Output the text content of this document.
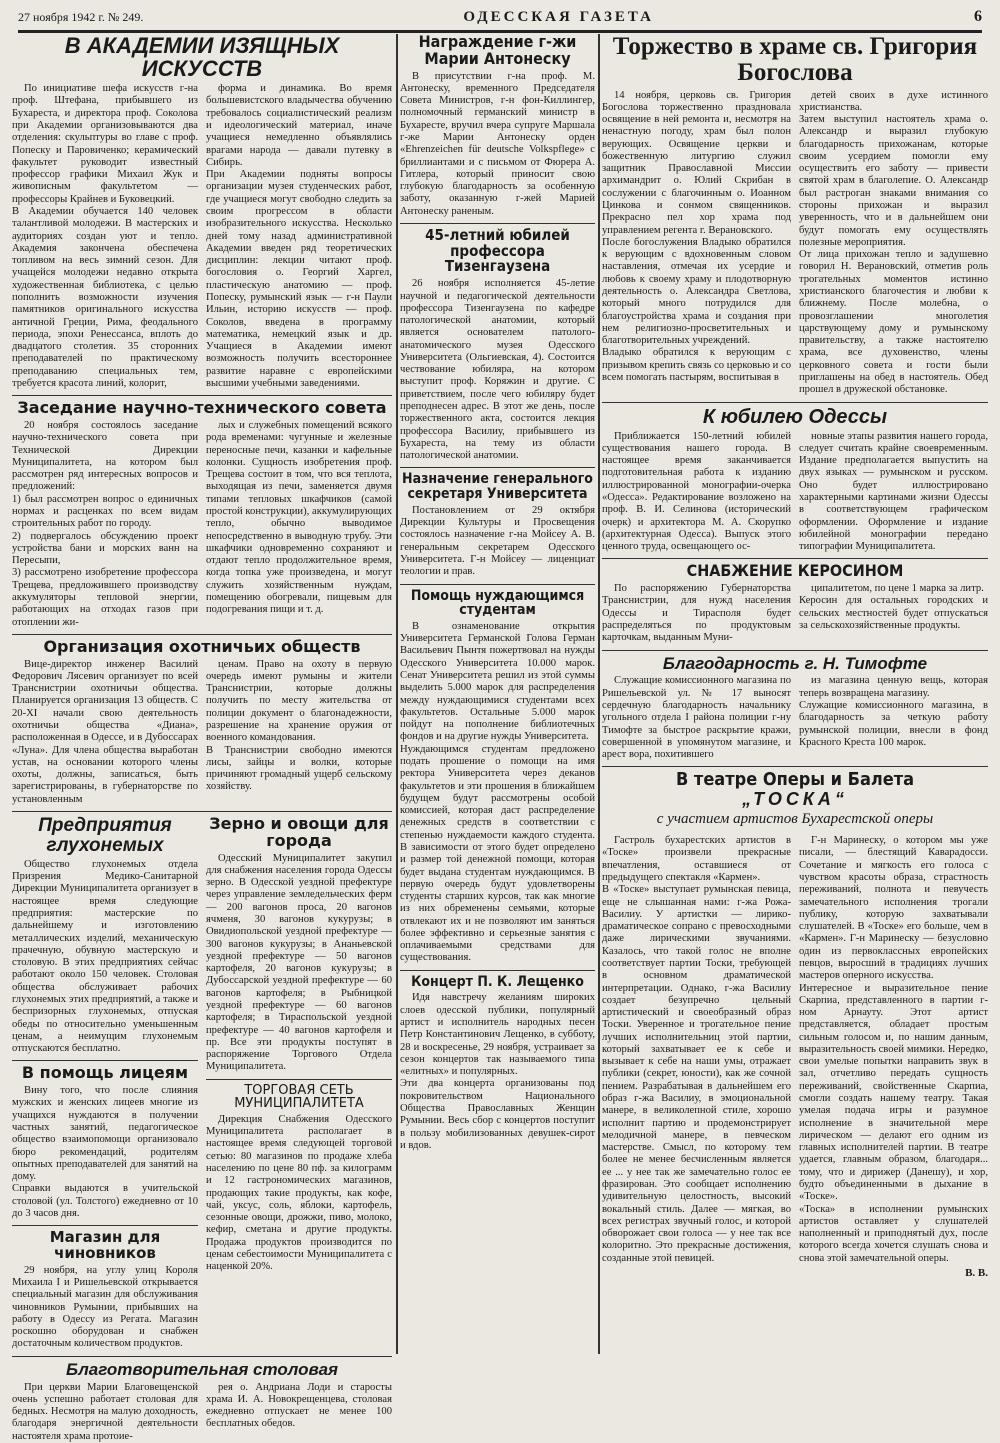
27 ноября 1942 г. № 249.	ОДЕССКАЯ ГАЗЕТА	6
В АКАДЕМИИ ИЗЯЩНЫХ ИСКУССТВ

По инициативе шефа искусств г-на проф. Штефана, прибывшего из Бухареста, и директора проф. Соколова при Академии организовываются два отделения: скульптуры во главе с проф. Попеску и Паровиченко; керамический факультет руководит известный профессор графики Михаил Жук и живописным факультетом — профессоры Крайнев и Буковецкий.
В Академии обучается 140 человек талантливой молодежи. В мастерских и аудиториях создан уют и тепло. Академия закончена обеспечена топливом на весь зимний сезон. Для учащейся молодежи недавно открыта художественная библиотека, с целью пополнить возможности изучения памятников оригинального искусства античной Греции, Рима, феодального периода, эпохи Ренессанса, вплоть до двадцатого столетия. 35 сторонних преподавателей по практическому преподаванию специальных тем, требуется красота линий, колорит,

форма и динамика. Во время большевистского владычества обучению требовалось социалистический реализм и идеологический материал, иначе учащиеся немедленно объявлялись врагами народа — давали путевку в Сибирь.
При Академии подняты вопросы организации музея студенческих работ, где учащиеся могут свободно следить за своим прогрессом в области изобразительного искусства. Несколько дней тому назад административной Академии введен ряд теоретических дисциплин: лекции читают проф. богословия о. Георгий Харгел, пластическую анатомию — проф. Попеску, румынский язык — г-н Паули Ильин, историю искусств — проф. Соколов, введена в программу математика, немецкий язык и др. Учащиеся в Академии имеют возможность получить всестороннее развитие наравне с европейскими высшими учебными заведениями.

Заседание научно-технического совета

20 ноября состоялось заседание научно-технического совета при Технической Дирекции Муниципалитета, на котором был рассмотрен ряд интересных вопросов и предложений:
1) был рассмотрен вопрос о единичных нормах и расценках по всем видам строительных работ по городу.
2) подвергалось обсуждению проект устройства бани и морских ванн на Пересыпи,
3) рассмотрено изобретение профессора Трещева, предложившего производству аккумуляторы тепловой энергии, работающих на отходах газов при отоплении жи-

лых и служебных помещений всякого рода временами: чугунные и железные переносные печи, казанки и кафельные колонки. Сущность изобретения проф. Трещева состоит в том, что вся теплота, выходящая из печи, заменяется двумя типами тепловых шкафчиков (самой простой конструкции), аккумулирующих тепло, обычно выводимое непосредственно в выводную трубу. Эти шкафчики одновременно сохраняют и отдают тепло продолжительное время, когда топка уже произведена, и могут служить хозяйственным нуждам, помещению обогревали, пищевым для подогревания пищи и т. д.

Организация охотничьих обществ

Вице-директор инженер Василий Федорович Лясевич организует по всей Транснистрии охотничьи общества. Планируется организация 13 обществ. С 20-XI начали свою деятельность охотничьи общества «Диана», расположенная в Одессе, и в Дубоссарах «Луна». Для члена общества выработан устав, на основании которого члены охоты, должны, записаться, быть зарегистрированы, в губернаторстве по установленным

ценам. Право на охоту в первую очередь имеют румыны и жители Транснистрии, которые должны получить по месту жительства от полиции документ о благонадежности, разрешение на хранение оружия от военного командования.
В Транснистрии свободно имеются лисы, зайцы и волки, которые причиняют громадный ущерб сельскому хозяйству.

Предприятия глухонемых

Общество глухонемых отдела Призрения Медико-Санитарной Дирекции Муниципалитета организует в настоящее время следующие предприятия: мастерские по дальнейшему и изготовлению металлических изделий, механическую прачечную, обувную мастерскую и столовую. В этих предприятиях сейчас работают около 150 человек. Столовая общества обслуживает рабочих глухонемых этих предприятий, а также и беспризорных глухонемых, отпуская обеды по относительно уменьшенным ценам, а неимущим глухонемым отпускаются бесплатно.

В помощь лицеям

Вину того, что после слияния мужских и женских лицеев многие из учащихся нуждаются в получении частных занятий, педагогическое общество взаимопомощи организовало бюро рекомендаций, родителям опытных преподавателей для занятий на дому.
Справки выдаются в учительской столовой (ул. Толстого) ежедневно от 10 до 3 часов дня.

Магазин для чиновников

29 ноября, на углу улиц Короля Михаила I и Ришельевской открывается специальный магазин для обслуживания чиновников Румынии, прибывших на работу в Одессу из Регата. Магазин роскошно оборудован и снабжен достаточным количеством продуктов.

Зерно и овощи для города

Одесский Муниципалитет закупил для снабжения населения города Одессы зерно. В Одесской уездной префектуре через управление земледельческих ферм — 200 вагонов проса, 20 вагонов ячменя, 30 вагонов кукурузы; в Овидиопольской уездной префектуре — 300 вагонов кукурузы; в Ананьевской уездной префектуре — 50 вагонов картофеля, 20 вагонов кукурузы; в Дубоссарской уездной префектуре — 60 вагонов картофеля; в Рыбницкой уездной префектуре — 60 вагонов картофеля; в Тираспольской уездной префектуре — 40 вагонов картофеля и пр. Все эти продукты поступят в распоряжение Торгового Отдела Муниципалитета.

ТОРГОВАЯ СЕТЬ МУНИЦИПАЛИТЕТА

Дирекция Снабжения Одесского Муниципалитета располагает в настоящее время следующей торговой сетью: 80 магазинов по продаже хлеба населению по цене 80 пф. за килограмм и 12 гастрономических магазинов, продающих такие продукты, как кофе, чай, уксус, соль, яблоки, картофель, сезонные овощи, дрожжи, пиво, молоко, кефир, сметана и другие продукты. Продажа продуктов производится по ценам себестоимости Муниципалитета с наценкой 20%.

Благотворительная столовая

При церкви Марии Благовещенской очень успешно работает столовая для бедных. Несмотря на малую доходность, благодаря энергичной деятельности настоятеля храма протоие-

рея о. Андриана Лоди и старосты храма И. А. Новокрещенцева, столовая ежедневно отпускает не менее 100 бесплатных обедов.

Награждение г-жи Марии Антонеску

В присутствии г-на проф. М. Антонеску, временного Председателя Совета Министров, г-н фон-Киллингер, полномочный германский министр в Бухаресте, вручил вчера супруге Маршала г-же Марии Антонеску орден «Ehrenzeichen für deutsche Volkspflege» с бриллиантами и с письмом от Фюрера А. Гитлера, который приносит свою глубокую благодарность за особенную заботу, оказанную г-жей Марией Антонеску раненым.

45-летний юбилей профессора Тизенгаузена

26 ноября исполняется 45-летие научной и педагогической деятельности профессора Тизенгаузена по кафедре патологической анатомии, который является основателем патолого-анатомического музея Одесского Университета (Ольгиевская, 4). Состоится чествование юбиляра, на котором выступит проф. Коряжин и другие. С приветствием, после чего юбиляру будет преподнесен адрес. В этот же день, после торжественного акта, состоится лекция профессора Василиу, прибывшего из Бухареста, на тему из области патологической анатомии.

Назначение генерального секретаря Университета

Постановлением от 29 октября Дирекции Культуры и Просвещения состоялось назначение г-на Мойсеу А. В. генеральным секретарем Одесского Университета. Г-н Мойсеу — лиценциат теологии и прав.

Помощь нуждающимся студентам

В ознаменование открытия Университета Германской Голова Герман Васильевич Пынтя пожертвовал на нужды Одесского Университета 10.000 марок. Сенат Университета решил из этой суммы выделить 5.000 марок для распределения между нуждающимися студентами всех факультетов. Остальные 5.000 марок пойдут на пополнение библиотечных фондов и на другие нужды Университета.
Нуждающимся студентам предложено подать прошение о помощи на имя ректора Университета через деканов факультетов и эти прошения в ближайшем будущем будут рассмотрены особой комиссией, которая даст распределение денежных средств в соответствии с степенью нуждаемости каждого студента. В зависимости от этого будет определено и размер той денежной помощи, которая будет выдана студентам нуждающимся. В первую очередь будут удовлетворены студенты старших курсов, так как многие из них обременены семьями, которые отвлекают их и не позволяют им заняться более эффективно и серьезные занятия с оплачиваемыми средствами для существования.

Концерт П. К. Лещенко

Идя навстречу желаниям широких слоев одесской публики, популярный артист и исполнитель народных песен Петр Константинович Лещенко, в субботу, 28 и воскресенье, 29 ноября, устраивает за сезон концертов так называемого типа «eлитных» и популярных.
Эти два концерта организованы под покровительством Национального Общества Православных Женщин Румынии. Весь сбор с концертов поступит в пользу мобилизованных девушек-сирот и вдов.

Торжество в храме св. Григория Богослова

14 ноября, церковь св. Григория Богослова торжественно праздновала освящение в ней ремонта и, несмотря на ненастную погоду, храм был полон верующих. Освящение церкви и божественную литургию служил защитник Православной Миссии архимандрит о. Юлий Скрибан в сослужении с благочинным о. Иоанном Цинкова и сонмом священников. Прекрасно пел хор храма под управлением регента г. Верановского.
После богослужения Владыко обратился к верующим с вдохновенным словом наставления, отмечая их усердие и любовь к своему храму и плодотворную деятельность о. Александра Светлова, который много потрудился для благоустройства храма и создания при нем религиозно-просветительных и благотворительных учреждений.
Владыко обратился к верующим с призывом крепить связь со церковью и со всем помогать пастырям, воспитывая в

детей своих в духе истинного христианства.
Затем выступил настоятель храма о. Александр и выразил глубокую благодарность прихожанам, которые своим усердием помогли ему осуществить его заботу — привести святой храм в благолепие. О. Александр был растроган знаками внимания со стороны прихожан и выразил уверенность, что и в дальнейшем они будут помогать ему осуществлять полезные мероприятия.
От лица прихожан тепло и задушевно говорил Н. Верановский, отметив роль трогательных моментов истинно христианского благочестия и любви к ближнему. После молебна, о провозглашении многолетия царствующему дому и румынскому правительству, а также настоятелю храма, все духовенство, члены церковного совета и гости были приглашены на обед в настоятель. Обед прошел в дружеской обстановке.

К юбилею Одессы

Приближается 150-летний юбилей существования нашего города. В настоящее время заканчивается подготовительная работа к изданию иллюстрированной монографии-очерка «Одесса». Редактирование возложено на проф. В. И. Селинова (исторический очерк) и архитектора М. А. Скорупко (архитектурная Одесса). Выпуск этого ценного труда, освещающего ос-

новные этапы развития нашего города, следует считать крайне своевременным. Издание предполагается выпустить на двух языках — румынском и русском. Оно будет иллюстрировано характерными картинами жизни Одессы в соответствующем графическом оформлении. Оформление и издание юбилейной монографии передано типографии Муниципалитета.

СНАБЖЕНИЕ КЕРОСИНОМ

По распоряжению Губернаторства Транснистрии, для нужд населения Одессы и Тирасполя будет распределяться по продуктовым карточкам, выданным Муни-

ципалитетом, по цене 1 марка за литр.
Керосин для остальных городских и сельских местностей будет отпускаться за сельскохозяйственные продукты.

Благодарность г. Н. Тимофте

Служащие комиссионного магазина по Ришельевской ул. № 17 выносят сердечную благодарность начальнику угольного отдела I района полиции г-ну Тимофте за быстрое раскрытие кражи, совершенной в упомянутом магазине, и арест вора, похитившего

из магазина ценную вещь, которая теперь возвращена магазину.
Служащие комиссионного магазина, в благодарность за четкую работу румынской полиции, внесли в фонд Красного Креста 100 марок.

В театре Оперы и Балета
„ТОСКА“
с участием артистов Бухарестской оперы

Гастроль бухарестских артистов в «Тоске» произвели прекрасные впечатления, оставшиеся от предыдущего спектакля «Кармен».
В «Тоске» выступает румынская певица, еще не слышанная нами: г-жа Рожа-Василиу. У артистки — лирико-драматическое сопрано с превосходными даже лирическими звучаниями. Казалось, что такой голос не вполне соответствует партии Тоски, требующей в основном драматической интерпретации. Однако, г-жа Василиу создает безупречно цельный артистический и своеобразный образ Тоски. Уверенное и трогательное пение лучших исполнительниц этой партии, который захватывает ее к себе и вызывает к себе на наши умы, отражает публики (секрет, юности), как же сочной пением. Разрабатывая в дальнейшем его образ г-жа Василиу, в эмоциональной манере, в великолепной стиле, хорошо исполнит партию и продемонстрирует мелодичной манере, в певческом мастерстве. Смысл, по которому тем более не менее бесчисленным является ее ... у нее так же замечательно голос ее фразирован. Это сообщает исполнению удивительную целостность, высокий вокальный стиль. Далее — мягкая, во всех регистрах звучный голос, и которой обворожает свои голоса — у нее так все колоритно. Это прекрасные достижения, созданные этой певицей.

Г-н Маринеску, о котором мы уже писали, — блестящий Каварадосси. Сочетание и мягкость его голоса с чувством красоты образа, страстность переживаний, полнота и певучесть замечательного исполнения трогали публику, которую захватывали слушателей. В «Тоске» его больше, чем в «Кармен». Г-н Маринеску — безусловно один из первоклассных европейских певцов, выросший в традициях лучших мастеров оперного искусства.
Интересное и выразительное пение Скарпиа, представленного в партии г-ном Арнауту. Этот артист представляется, обладает простым сильным голосом и, по нашим данным, выразительность своей мимики. Нередко, свои умелые попытки направить звук в зал, отчетливо передать сущность переживаний, свойственные Скарпиа, смогли создать нашему театру. Такая умелая подача игры и разумное исполнение в значительной мере лирическом — делают его одним из главных исполнителей партии. В театре удается, главным образом, благодаря... тому, что и дирижер (Данешу), и хор, будто объединенными в дыхание в «Тоске».
«Тоска» в исполнении румынских артистов оставляет у слушателей наполненный и приподнятый дух, после которого всегда хочется слушать снова и снова этой замечательной оперы.

В. В.
